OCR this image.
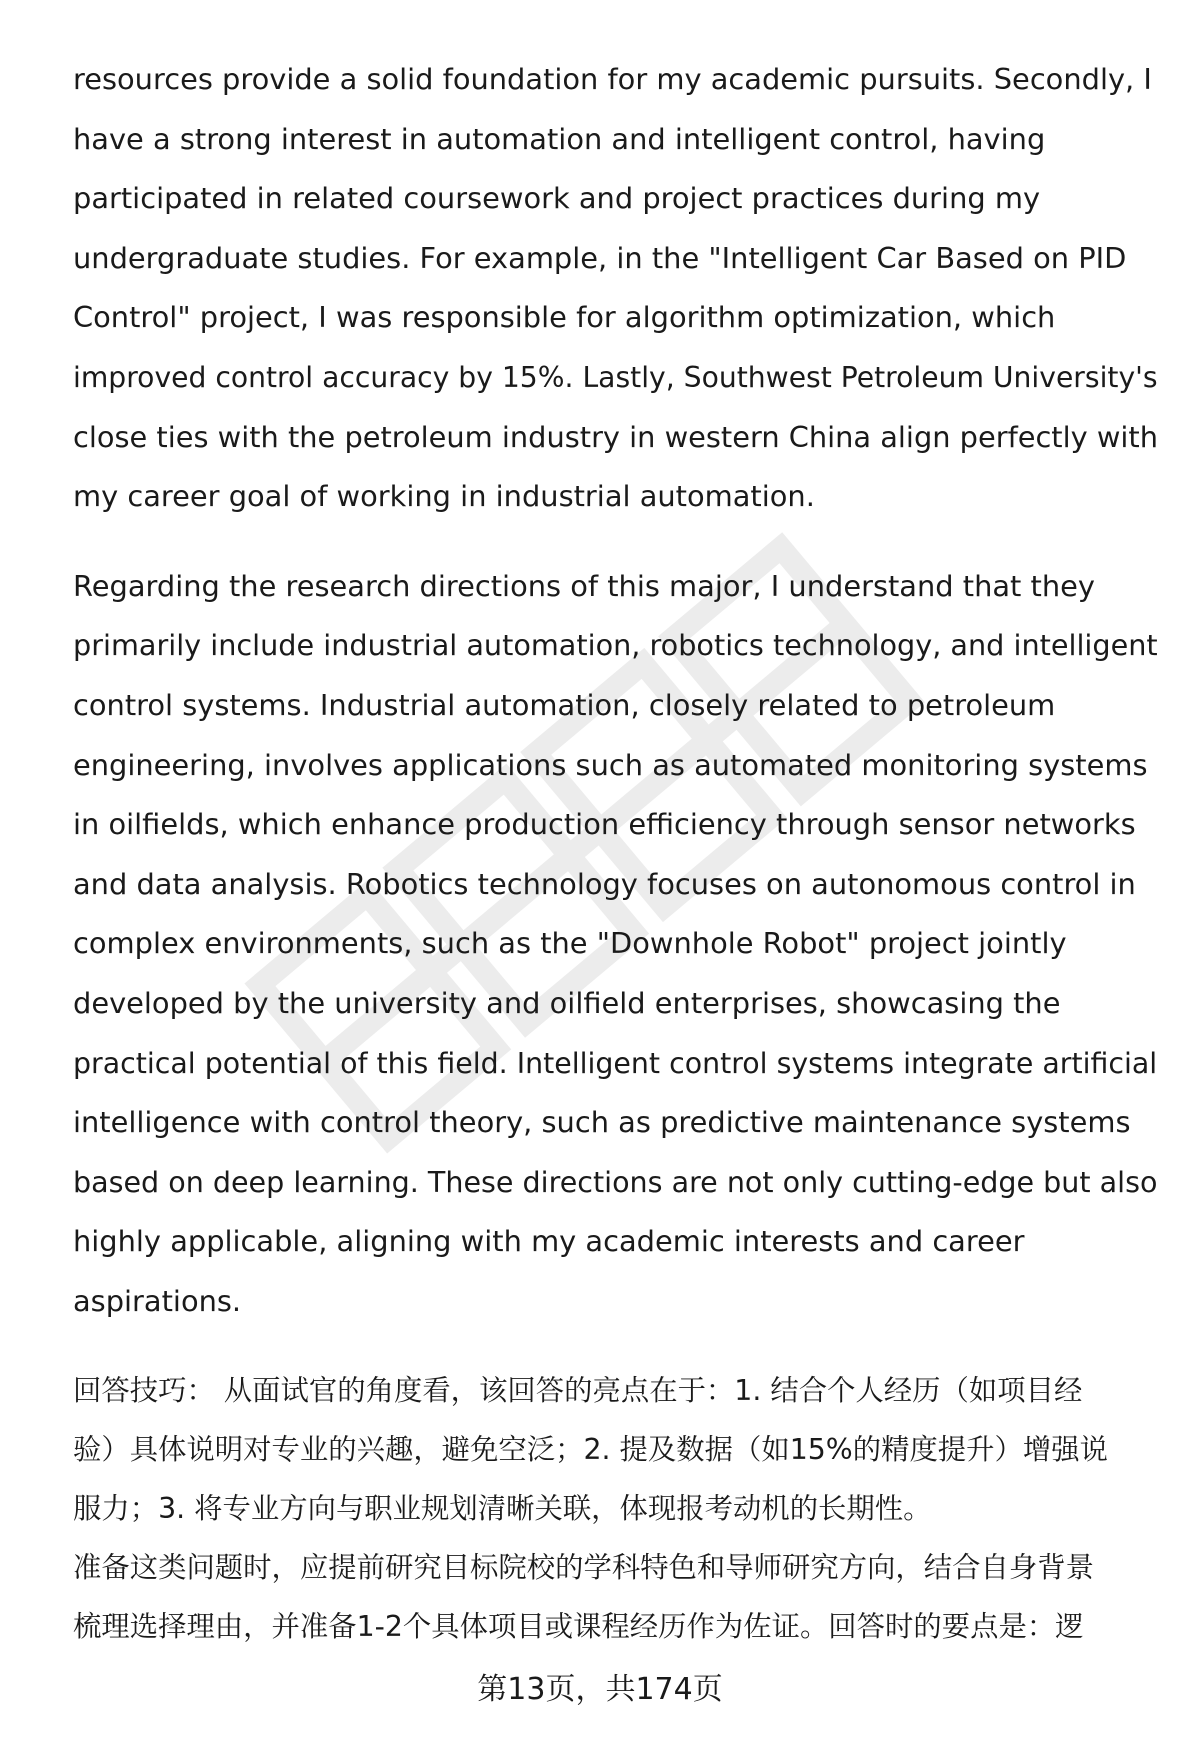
resources provide a solid foundation for my academic pursuits. Secondly, I
have a strong interest in automation and intelligent control, having
participated in related coursework and project practices during my
undergraduate studies. For example, in the "Intelligent Car Based on PID
Control" project, I was responsible for algorithm optimization, which
improved control accuracy by 15%. Lastly, Southwest Petroleum University's
close ties with the petroleum industry in western China align perfectly with
my career goal of working in industrial automation.
Regarding the research directions of this major, I understand that they
primarily include industrial automation, robotics technology, and intelligent
control systems. Industrial automation, closely related to petroleum
engineering, involves applications such as automated monitoring systems
in oilfields, which enhance production efficiency through sensor networks
and data analysis. Robotics technology focuses on autonomous control in
complex environments, such as the "Downhole Robot" project jointly
developed by the university and oilfield enterprises, showcasing the
practical potential of this field. Intelligent control systems integrate artificial
intelligence with control theory, such as predictive maintenance systems
based on deep learning. These directions are not only cutting-edge but also
highly applicable, aligning with my academic interests and career
aspirations.
回答技巧： 从面试官的角度看，该回答的亮点在于：1. 结合个人经历（如项目经
验）具体说明对专业的兴趣，避免空泛；2. 提及数据（如15%的精度提升）增强说
服力；3. 将专业方向与职业规划清晰关联，体现报考动机的长期性。
准备这类问题时，应提前研究目标院校的学科特色和导师研究方向，结合自身背景
梳理选择理由，并准备1-2个具体项目或课程经历作为佐证。回答时的要点是：逻
第13页，共174页
